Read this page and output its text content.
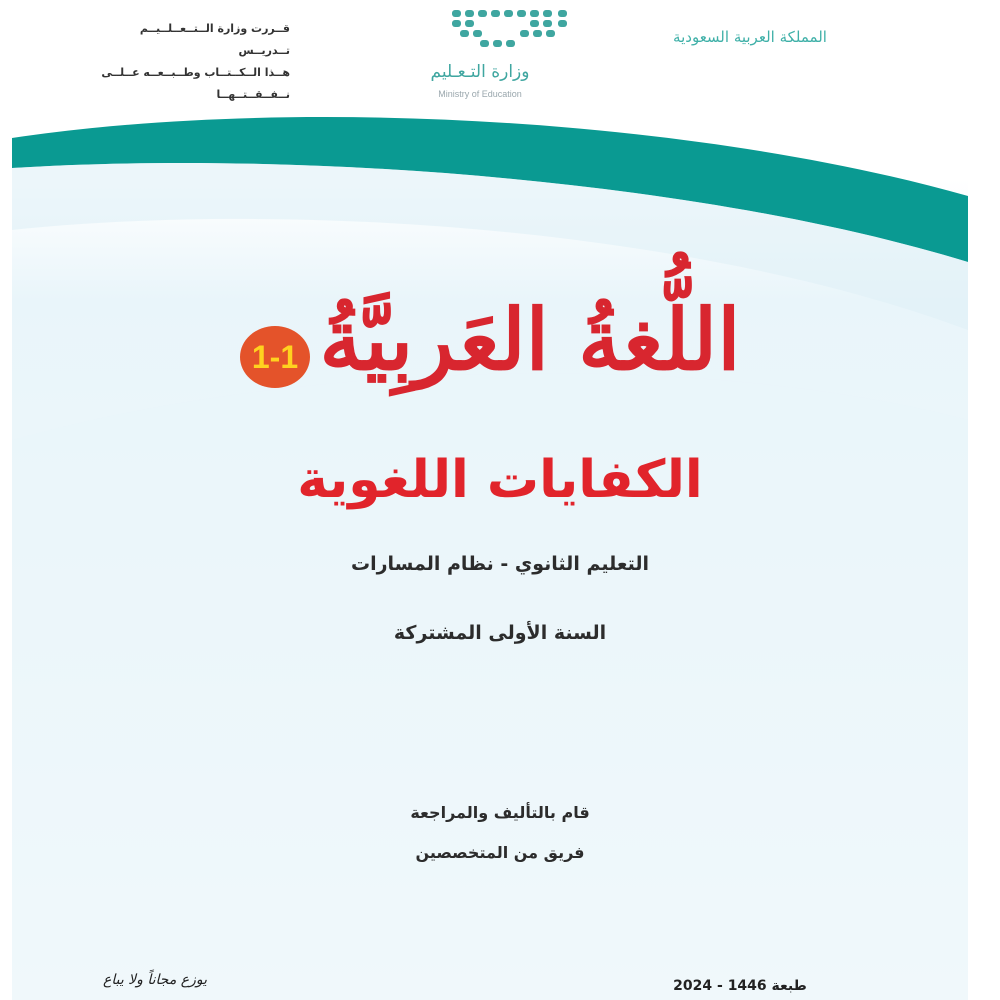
قــررت وزارة الــتــعــلــيــم تــدريــس
هــذا الــكــتــاب وطــبــعــه عــلــى نــفــقــتــهــا
وزارة التـعـليم
Ministry of Education
المملكة العربية السعودية
1-1 اللُّغةُ العَربِيَّةُ
الكفايات اللغوية
التعليم الثانوي - نظام المسارات
السنة الأولى المشتركة
قام بالتأليف والمراجعة
فريق من المتخصصين
طبعة 1446 - 2024
يوزع مجاناً ولا يباع
